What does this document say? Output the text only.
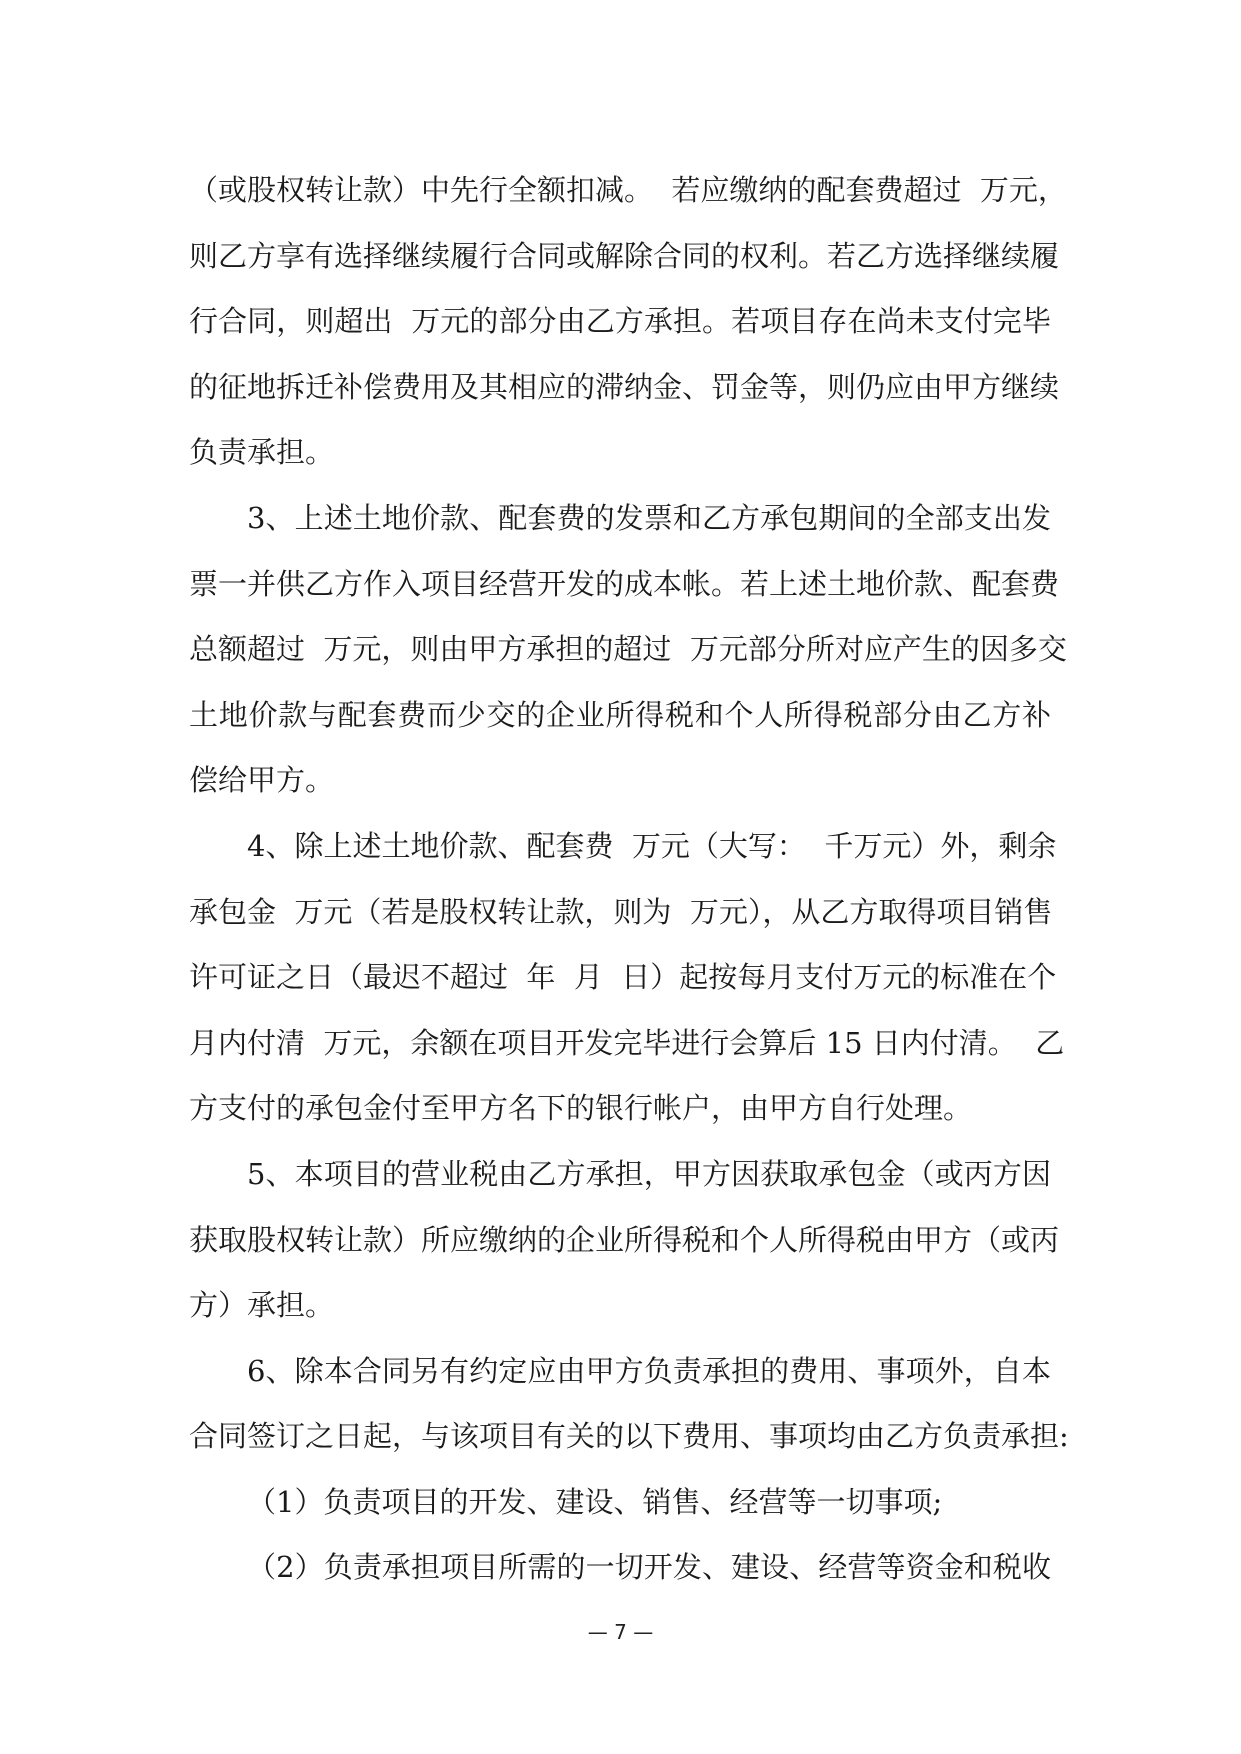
（或股权转让款）中先行全额扣减。  若应缴纳的配套费超过  万元，
则乙方享有选择继续履行合同或解除合同的权利。若乙方选择继续履
行合同，则超出  万元的部分由乙方承担。若项目存在尚未支付完毕
的征地拆迁补偿费用及其相应的滞纳金、罚金等，则仍应由甲方继续
负责承担。
3、上述土地价款、配套费的发票和乙方承包期间的全部支出发
票一并供乙方作入项目经营开发的成本帐。若上述土地价款、配套费
总额超过  万元，则由甲方承担的超过  万元部分所对应产生的因多交
土地价款与配套费而少交的企业所得税和个人所得税部分由乙方补
偿给甲方。
4、除上述土地价款、配套费  万元（大写：  千万元）外，剩余
承包金  万元（若是股权转让款，则为  万元），从乙方取得项目销售
许可证之日（最迟不超过  年  月  日）起按每月支付万元的标准在个
月内付清  万元，余额在项目开发完毕进行会算后 15 日内付清。  乙
方支付的承包金付至甲方名下的银行帐户，由甲方自行处理。
5、本项目的营业税由乙方承担，甲方因获取承包金（或丙方因
获取股权转让款）所应缴纳的企业所得税和个人所得税由甲方（或丙
方）承担。
6、除本合同另有约定应由甲方负责承担的费用、事项外，自本
合同签订之日起，与该项目有关的以下费用、事项均由乙方负责承担:
（1）负责项目的开发、建设、销售、经营等一切事项;
（2）负责承担项目所需的一切开发、建设、经营等资金和税收
— 7 —
